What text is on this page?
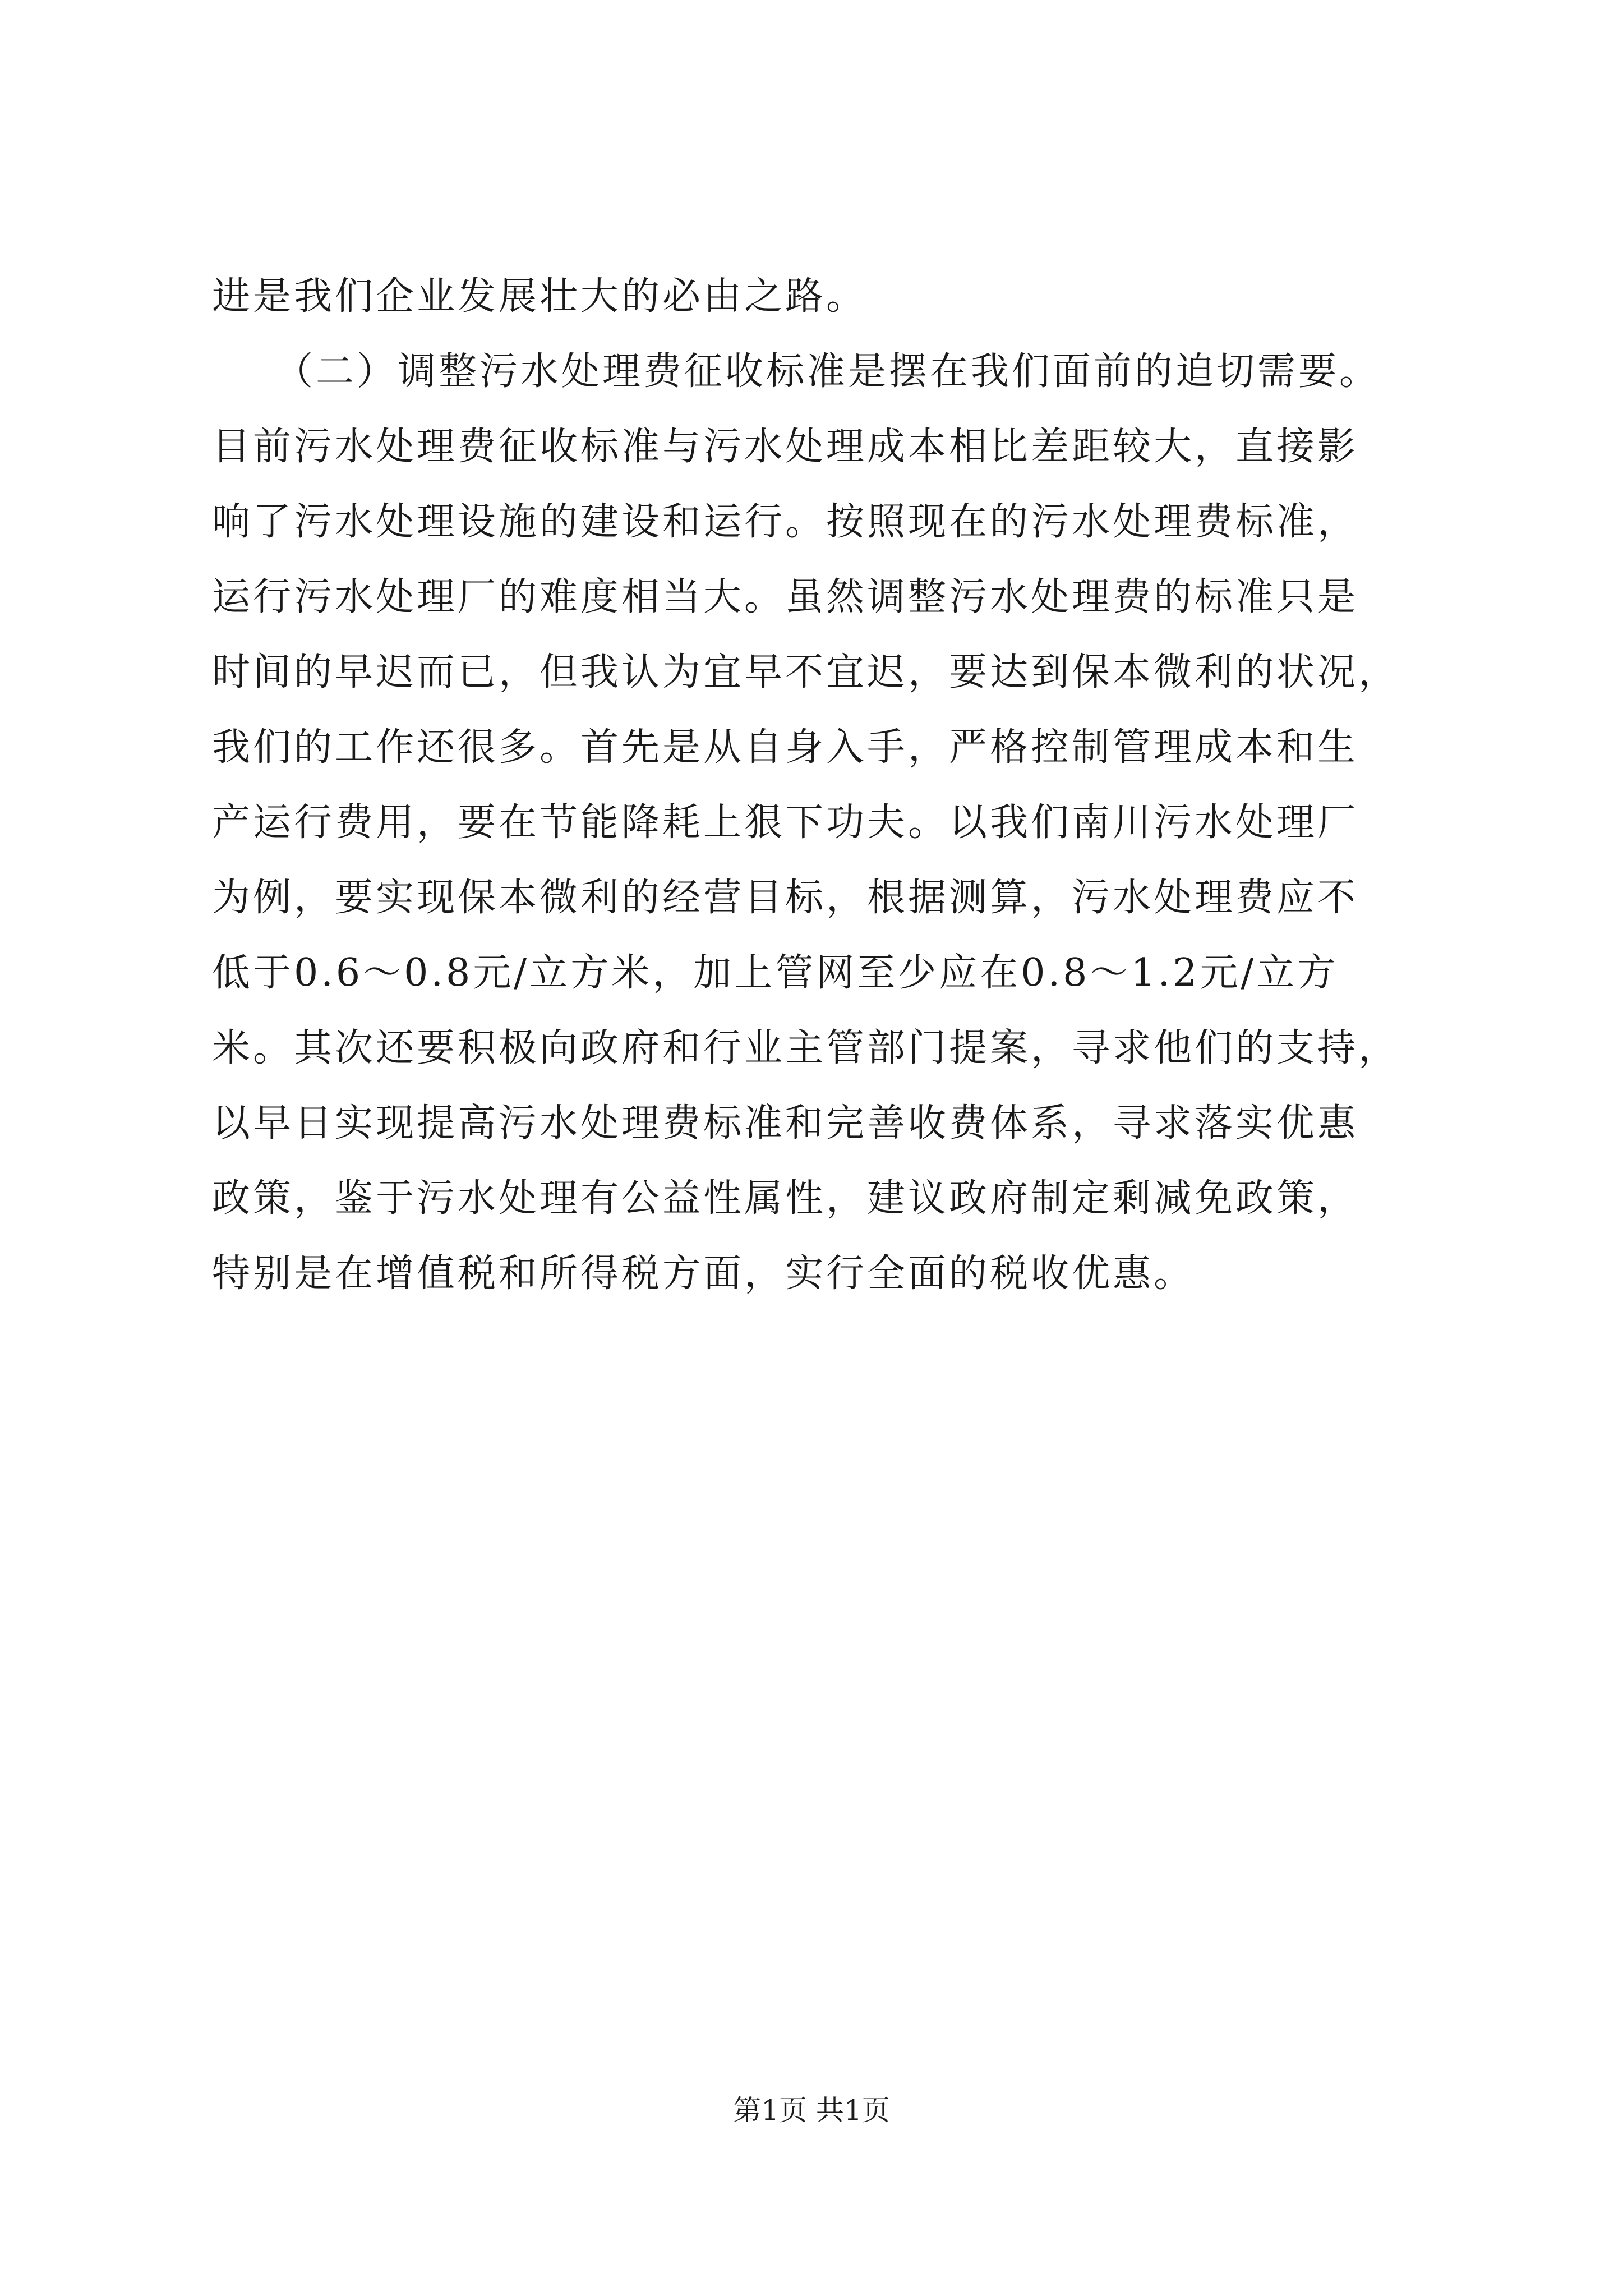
进是我们企业发展壮大的必由之路。
　　（二）调整污水处理费征收标准是摆在我们面前的迫切需要。
目前污水处理费征收标准与污水处理成本相比差距较大，直接影
响了污水处理设施的建设和运行。按照现在的污水处理费标准，
运行污水处理厂的难度相当大。虽然调整污水处理费的标准只是
时间的早迟而已，但我认为宜早不宜迟，要达到保本微利的状况，
我们的工作还很多。首先是从自身入手，严格控制管理成本和生
产运行费用，要在节能降耗上狠下功夫。以我们南川污水处理厂
为例，要实现保本微利的经营目标，根据测算，污水处理费应不
低于0.6～0.8元/立方米，加上管网至少应在0.8～1.2元/立方
米。其次还要积极向政府和行业主管部门提案，寻求他们的支持，
以早日实现提高污水处理费标准和完善收费体系，寻求落实优惠
政策，鉴于污水处理有公益性属性，建议政府制定剩减免政策，
特别是在增值税和所得税方面，实行全面的税收优惠。
第1页 共1页
